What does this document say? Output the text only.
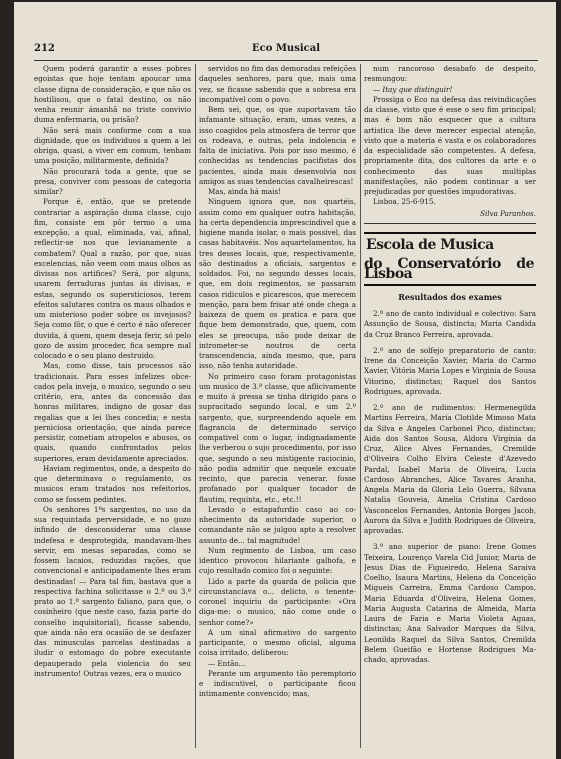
212	Eco Musical

Quem poderá garantir a esses pobres egoistas que hoje tentam apoucar uma classe digna de consideração, e que não os hostilisou, que o fatal destino, os não venha reunir ámanhã no triste convivio duma enfermaria, ou prisão?

Não será mais conforme com a sua dignidade, que os individuos a quem a lei obriga, quasi, a viver em comum, tenham uma posição, militarmente, definida?

Não procurará toda a gente, que se presa, conviver com pessoas de categoria similar?

Porque é, então, que se pretende contrariar a aspiração duma classe, cujo fim, consiste em pôr termo a uma excepção, a qual, eliminada, vai, afinal, reflectir-se nos que levianamente a combatem? Qual a razão, por que, suas excelencias, não veem com maus olhos as divisas nos artifices? Será, por alguns, usarem ferraduras juntas ás divisas, e estas, segundo os supersticiosos, terem efeitos salutares contra os maus olhados e um misterioso poder sobre os invejosos? Seja como fôr, o que é certo é não oferecer duvida, á quem, quem deseja ferir, só pelo gozo de assim proceder, fica sempre mal colocado e o seu plano destruido.

Mas, como disse, tais processos são tradicionais. Para esses infelizes obcecados pela inveja, o musico, segundo o seu critério, era, antes da concessão das honras militares, indigno de gosar das regalias que a lei lhes concedia; e nesta perniciosa orientação, que ainda parece persistir, cometiam atropelos e abusos, os quais, quando confrontados pelos superiores, eram devidamente apreciados.

Haviam regimentos, onde, a despeito do que determinava o regulamento, os musicos eram tratados nos refeitorios, como se fossem pedintes.

Os senhores 1ºs sargentos, no uso da sua requintada perversidade, e no gozo infindo de desconsiderar uma classe indefesa e desprotegida, mandavam-lhes servir, em mesas separadas, como se fossem lacaios, reduzidas rações, que convencional e anticipadamente lhes eram destinadas! — Para tal fim, bastava que a respectiva fachina solicitasse o 2.º ou 3.º prato ao 1.º sargento faliano, para que, o cosinheiro (que neste caso, fazia parte do conselho inquisitorial), ficasse sabendo, que ainda não era ocasião de se desfazer das minusculas parcelas destinadas a iludir o estomago do pobre executante depauperado pela violencia do seu instrumento! Outras vezes, era o musico

servidos no fim das demoradas refeições daqueles senhores, para que, mais uma vez, se ficasse sabendo que a sobresa era incompatível com o povo.

Bem sei, que, os que suportavam tão infamante situação, eram, umas vezes, a isso coagidos pela atmosfera de terror que os rodeava, e outras, pela indolencia e falta de iniciativa. Pois por isso mesmo, é conhecidas as tendencias pacifistas dos pacientes, ainda mais desenvolvia nos amigos as suas tendencias cavalheirescas!

Mas, ainda há mais!

Ninguem ignora que, nos quartéis, assim como em qualquer outra habitação, ha certa dependencia imprescindivel que a higiene manda isolar, o mais possivel, das casas habitavéis. Nos aquartelamentos, ha tres desses locais, que, respectivamente, são destinados a oficiais, sargentos e soldados. Foi, no segundo desses locais, que, em dois regimentos, se passaram casos ridiculos e picarescos, que merecem menção, para bem frisar até onde chega a baixeza de quem os pratica e para que fique bem demonstrado, que, quem, com eles se preocupa, não pode deixar de intrometer-se noutros de certa transcendencia, ainda mesmo, que, para isso, não tenha autoridade.

No primeiro caso foram protagonistas um musico de 3.ª classe, que aflicivamente e muito á pressa se tinha dirigido para o supracitado segundo local, e um 2.º sargento, que, surpreendendo aquele em flagrancia de determinado serviço compativel com o lugar, indignadamente lhe verberou o sujo procedimento, por isso que, segundo o seu mistigente raciocinio, não podia admitir que nequele excuate recinto, que parecia venerar, fosse profanado por qualquer tocador de flautim, requinta, etc., etc.!!

Levado o estapafurdio caso ao conhecimento da autoridade superior, o comandante não se julgou apto a resolver assunto de... tal magnitude!

Num regimento de Lisboa, um caso identico provocou hilariante galhofa, e cujo resultado comico foi o seguinte:

Lido a parte da guarda de policia que circunstanciava o... delicto, o tenente-coronel inquiriu do participante: «Ora diga-me: o musico, não come onde o senhor come?»

A um sinal afirmativo do sargento participante, o mesmo oficial, alguma coisa irritado, deliberou:

— Então...

Perante um argumento tão peremptorio e indiscutivel, o participante ficou intimamente convencido; mas,

num rancoroso desabafo de despeito, resmungou:

— Itay que distinguir!

Prossiga o Eco na defesa das reivindicações da classe, visto que é esse o seu fim principal; mas é bom não esquecer que a cultura artistica lhe deve merecer especial atenção, visto que a materia é vasta e os colaboradores da especialidade são competentes. A defesa, propriamente dita, dos cultores da arte e o conhecimento das suas multiplas manifestações, não podem continuar a ser prejudicadas por questões impudorativas.

Lisboa, 25-6-915.

Silva Paranhos.
Escola de Musica
do Conservatório de Lisboa
Resultados dos exames

2.º ano de canto individual e colectivo: Sara Assunção de Sousa, distincta; Maria Candida da Cruz Branco Ferreira, aprovada.

2.º ano de solfejo preparatorio de canto: Irene da Conceição Xavier, Maria do Carmo Xavier, Vitória Maria Lopes e Virginia de Sousa Vitorino, distinctas; Raquel dos Santos Rodrigues, aprovada.

2.º ano de rudimentos: Hermenegilda Martins Ferreira, Maria Clotilde Mimoso Mata da Silva e Angeles Carbonel Pico, distinctas; Aida dos Santos Sousa, Aldora Virginia da Cruz, Alice Alves Fernandes, Cremilde d'Oliveira Colho Elvira Celeste d'Azevedo Pardal, Isabel Maria de Oliveira, Lucia Cardoso Abranches, Alice Tavares Aranha, Angela Maria da Gloria Lelo Guerra, Silvana Natalia Gouveia, Amelia Cristina Cardoso Vasconcelos Fernandes, Antonia Borges Jacob, Aurora da Silva e Judith Rodrigues de Oliveira, aprovadas.

3.º ano superior de piano: Irene Gomes Teixeira, Lourenço Varela Cid Junior, Maria de Jesus Dias de Figueiredo, Helena Saraiva Coelho, Isaura Martins, Helena da Conceição Migueis Carreira, Emma Cardoso Campos, Maria Eduarda d'Oliveira, Helena Gomes, Maria Augusta Catarina de Almeida, Maria Laura de Faria e Maria Violeta Aguas, distinctas; Ana Salvador Marques da Silva, Leonilda Raquel da Silva Santos, Cremilda Belem Gueifão e Hortense Rodrigues Machado, aprovadas.
